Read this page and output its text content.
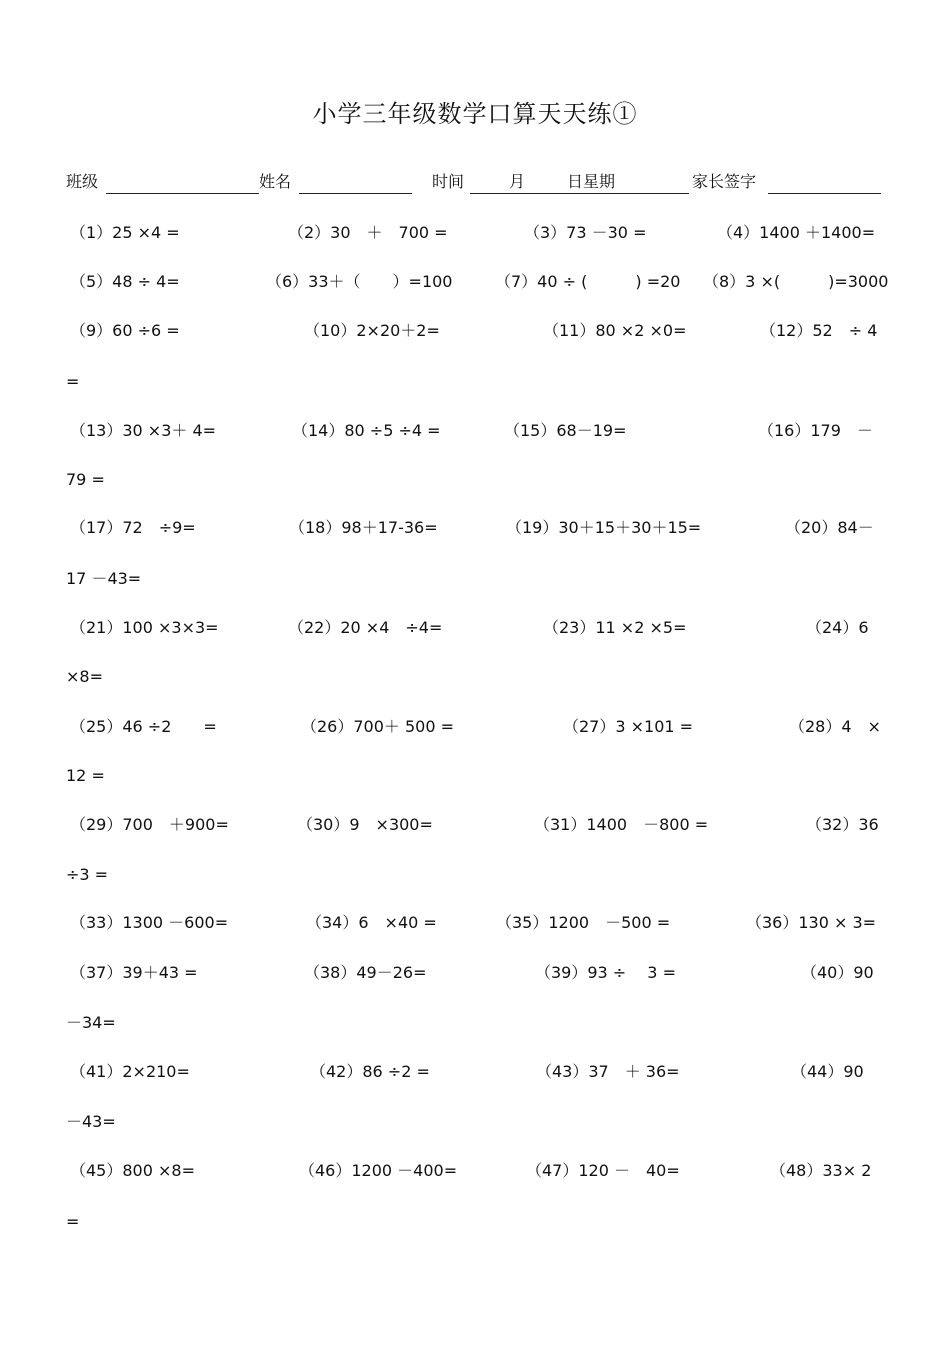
小学三年级数学口算天天练①
班级	姓名	时间	月	日星期	家长签字
（1）25 ×4 =	（2）30　＋　700 =	（3）73 －30 =	（4）1400 ＋1400=
（5）48 ÷ 4=	（6）33＋（　　）=100	（7）40 ÷ (　　　) =20 （8）3 ×(　　　)=3000
（9）60 ÷6 =	（10）2×20＋2=	（11）80 ×2 ×0=	（12）52　÷ 4
=
（13）30 ×3＋ 4=	（14）80 ÷5 ÷4 =	（15）68－19=	（16）179　－
79 =
（17）72　÷9=	（18）98＋17-36=	（19）30＋15＋30＋15=	（20）84－
17 －43=
（21）100 ×3×3=	（22）20 ×4　÷4=	（23）11 ×2 ×5=	（24）6
×8=
（25）46 ÷2　　=	（26）700＋ 500 =	（27）3 ×101 =	（28）4　×
12 =
（29）700　＋900=	（30）9　×300=	（31）1400　－800 =	（32）36
÷3 =
（33）1300 －600=	（34）6　×40 =	（35）1200　－500 =	（36）130 × 3=
（37）39＋43 =	（38）49－26=	（39）93 ÷　 3 =	（40）90
－34=
（41）2×210=	（42）86 ÷2 =	（43）37　＋ 36=	（44）90
－43=
（45）800 ×8=	（46）1200 －400=	（47）120 －　40=	（48）33× 2
=
